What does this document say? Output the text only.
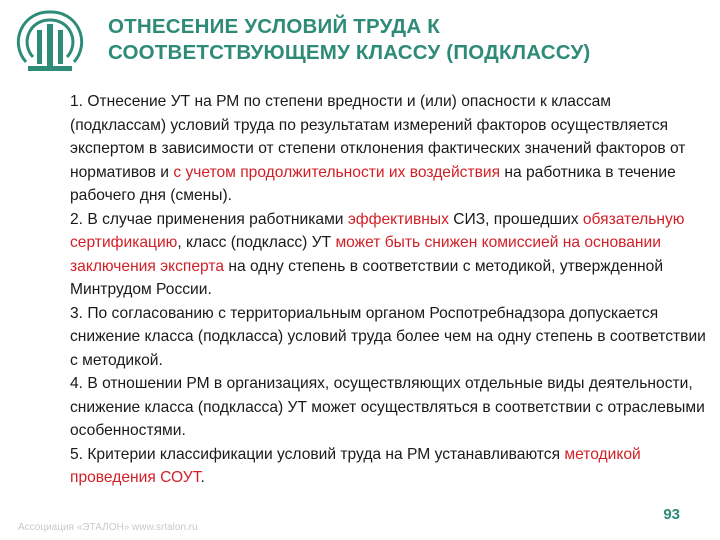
ОТНЕСЕНИЕ УСЛОВИЙ ТРУДА К
СООТВЕТСТВУЮЩЕМУ КЛАССУ (ПОДКЛАССУ)

1. Отнесение УТ на РМ по степени вредности и (или) опасности к классам (подклассам) условий труда по результатам измерений факторов осуществляется экспертом в зависимости от степени отклонения фактических значений факторов от нормативов и с учетом продолжительности их воздействия на работника в течение рабочего дня (смены).

2. В случае применения работниками эффективных СИЗ, прошедших обязательную сертификацию, класс (подкласс) УТ может быть снижен комиссией на основании заключения эксперта на одну степень в соответствии с методикой, утвержденной Минтрудом России.

3. По согласованию с территориальным органом Роспотребнадзора допускается снижение класса (подкласса) условий труда более чем на одну степень в соответствии с методикой.

4. В отношении РМ в организациях, осуществляющих отдельные виды деятельности, снижение класса (подкласса) УТ может осуществляться в соответствии с отраслевыми особенностями.

5. Критерии классификации условий труда на РМ устанавливаются методикой проведения СОУТ.

Ассоциация «ЭТАЛОН» www.srtalon.ru
93
